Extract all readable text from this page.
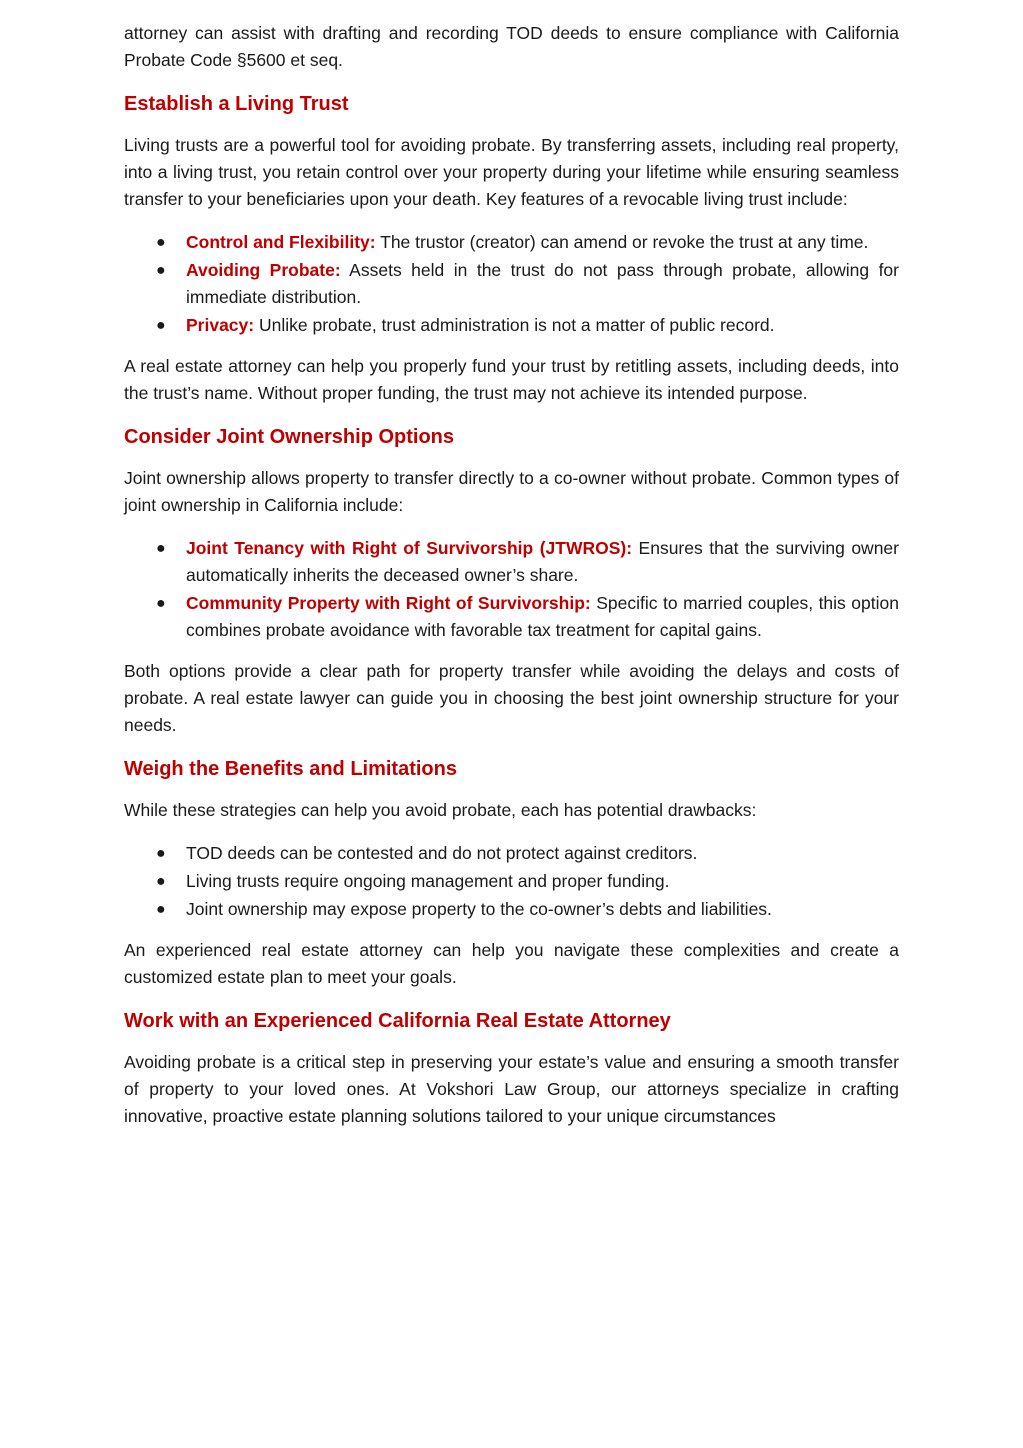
attorney can assist with drafting and recording TOD deeds to ensure compliance with California Probate Code §5600 et seq.

Establish a Living Trust

Living trusts are a powerful tool for avoiding probate. By transferring assets, including real property, into a living trust, you retain control over your property during your lifetime while ensuring seamless transfer to your beneficiaries upon your death. Key features of a revocable living trust include:

● Control and Flexibility: The trustor (creator) can amend or revoke the trust at any time.
● Avoiding Probate: Assets held in the trust do not pass through probate, allowing for immediate distribution.
● Privacy: Unlike probate, trust administration is not a matter of public record.

A real estate attorney can help you properly fund your trust by retitling assets, including deeds, into the trust’s name. Without proper funding, the trust may not achieve its intended purpose.

Consider Joint Ownership Options

Joint ownership allows property to transfer directly to a co-owner without probate. Common types of joint ownership in California include:

● Joint Tenancy with Right of Survivorship (JTWROS): Ensures that the surviving owner automatically inherits the deceased owner’s share.
● Community Property with Right of Survivorship: Specific to married couples, this option combines probate avoidance with favorable tax treatment for capital gains.

Both options provide a clear path for property transfer while avoiding the delays and costs of probate. A real estate lawyer can guide you in choosing the best joint ownership structure for your needs.

Weigh the Benefits and Limitations

While these strategies can help you avoid probate, each has potential drawbacks:

● TOD deeds can be contested and do not protect against creditors.
● Living trusts require ongoing management and proper funding.
● Joint ownership may expose property to the co-owner’s debts and liabilities.

An experienced real estate attorney can help you navigate these complexities and create a customized estate plan to meet your goals.

Work with an Experienced California Real Estate Attorney

Avoiding probate is a critical step in preserving your estate’s value and ensuring a smooth transfer of property to your loved ones. At Vokshori Law Group, our attorneys specialize in crafting innovative, proactive estate planning solutions tailored to your unique circumstances
